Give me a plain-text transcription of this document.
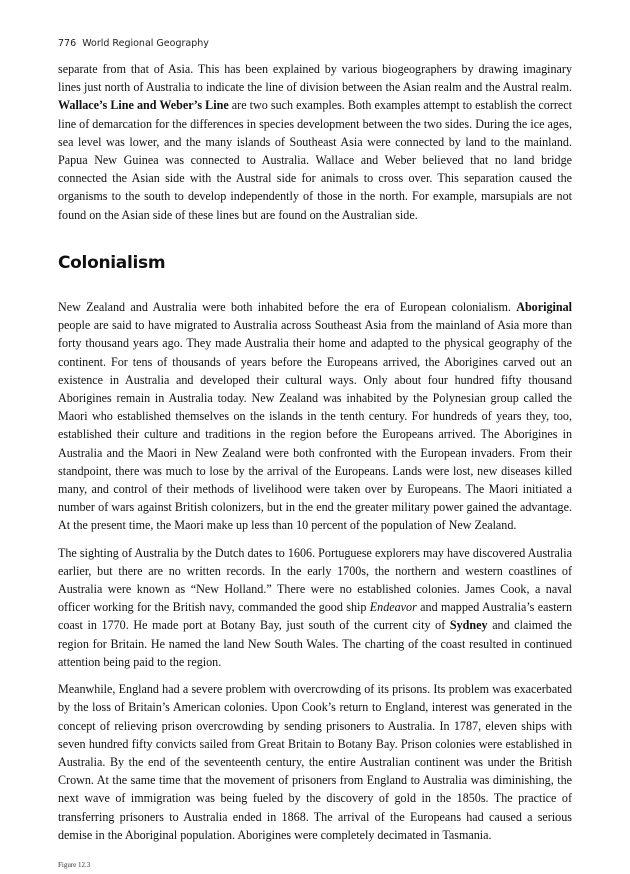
776 World Regional Geography

separate from that of Asia. This has been explained by various biogeographers by drawing imaginary lines just north of Australia to indicate the line of division between the Asian realm and the Austral realm. Wallace’s Line and Weber’s Line are two such examples. Both examples attempt to establish the correct line of demarcation for the differences in species development between the two sides. During the ice ages, sea level was lower, and the many islands of Southeast Asia were connected by land to the mainland. Papua New Guinea was connected to Australia. Wallace and Weber believed that no land bridge connected the Asian side with the Austral side for animals to cross over. This separation caused the organisms to the south to develop independently of those in the north. For example, marsupials are not found on the Asian side of these lines but are found on the Australian side.

Colonialism

New Zealand and Australia were both inhabited before the era of European colonialism. Aboriginal people are said to have migrated to Australia across Southeast Asia from the mainland of Asia more than forty thousand years ago. They made Australia their home and adapted to the physical geography of the continent. For tens of thousands of years before the Europeans arrived, the Aborigines carved out an existence in Australia and developed their cultural ways. Only about four hundred fifty thousand Aborigines remain in Australia today. New Zealand was inhabited by the Polynesian group called the Maori who established themselves on the islands in the tenth century. For hundreds of years they, too, established their culture and traditions in the region before the Europeans arrived. The Aborigines in Australia and the Maori in New Zealand were both confronted with the European invaders. From their standpoint, there was much to lose by the arrival of the Europeans. Lands were lost, new diseases killed many, and control of their methods of livelihood were taken over by Europeans. The Maori initiated a number of wars against British colonizers, but in the end the greater military power gained the advantage. At the present time, the Maori make up less than 10 percent of the population of New Zealand.

The sighting of Australia by the Dutch dates to 1606. Portuguese explorers may have discovered Australia earlier, but there are no written records. In the early 1700s, the northern and western coastlines of Australia were known as “New Holland.” There were no established colonies. James Cook, a naval officer working for the British navy, commanded the good ship Endeavor and mapped Australia’s eastern coast in 1770. He made port at Botany Bay, just south of the current city of Sydney and claimed the region for Britain. He named the land New South Wales. The charting of the coast resulted in continued attention being paid to the region.

Meanwhile, England had a severe problem with overcrowding of its prisons. Its problem was exacerbated by the loss of Britain’s American colonies. Upon Cook’s return to England, interest was generated in the concept of relieving prison overcrowding by sending prisoners to Australia. In 1787, eleven ships with seven hundred fifty convicts sailed from Great Britain to Botany Bay. Prison colonies were established in Australia. By the end of the seventeenth century, the entire Australian continent was under the British Crown. At the same time that the movement of prisoners from England to Australia was diminishing, the next wave of immigration was being fueled by the discovery of gold in the 1850s. The practice of transferring prisoners to Australia ended in 1868. The arrival of the Europeans had caused a serious demise in the Aboriginal population. Aborigines were completely decimated in Tasmania.

Figure 12.3
